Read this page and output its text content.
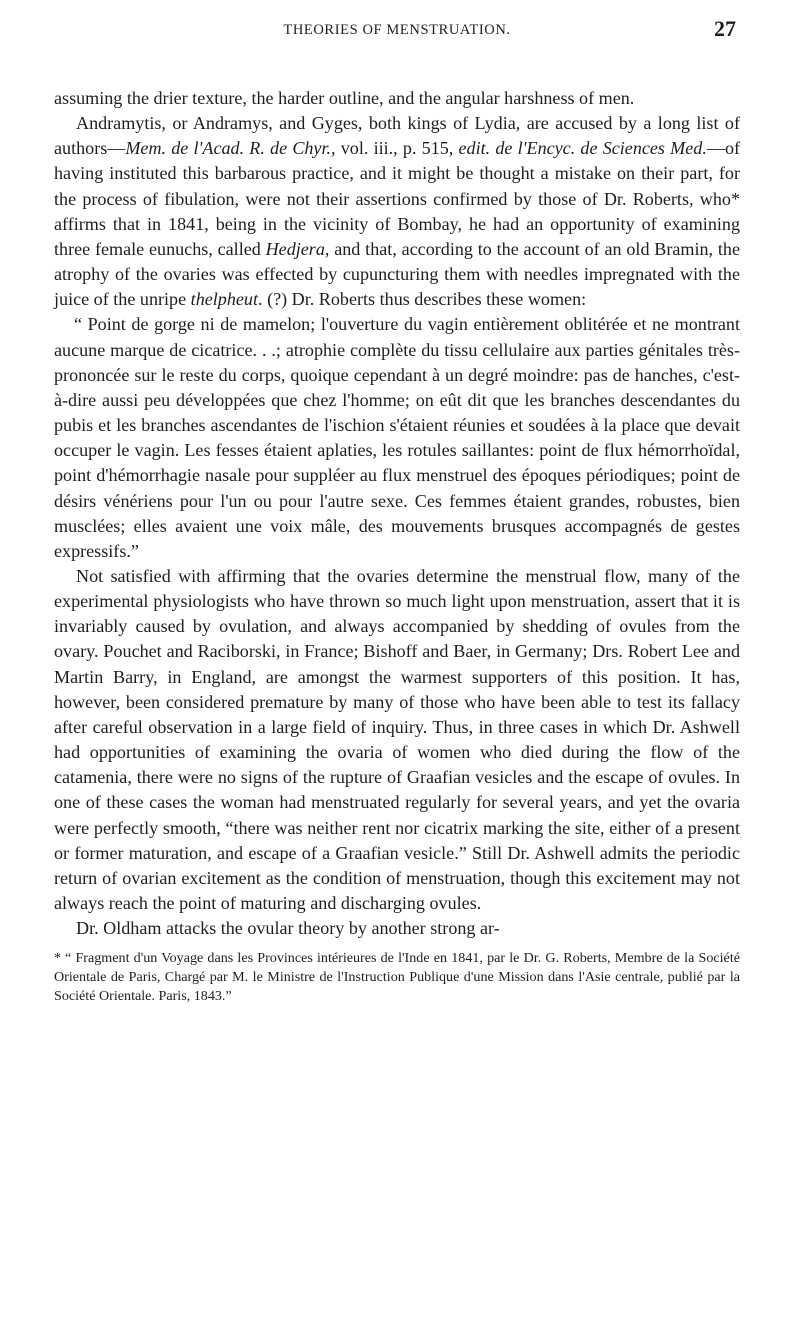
THEORIES OF MENSTRUATION.	27

assuming the drier texture, the harder outline, and the angular harshness of men.

Andramytis, or Andramys, and Gyges, both kings of Lydia, are accused by a long list of authors—Mem. de l'Acad. R. de Chyr., vol. iii., p. 515, edit. de l'Encyc. de Sciences Med.—of having instituted this barbarous practice, and it might be thought a mistake on their part, for the process of fibulation, were not their assertions confirmed by those of Dr. Roberts, who* affirms that in 1841, being in the vicinity of Bombay, he had an opportunity of examining three female eunuchs, called Hedjera, and that, according to the account of an old Bramin, the atrophy of the ovaries was effected by cupuncturing them with needles impregnated with the juice of the unripe thelpheut. (?) Dr. Roberts thus describes these women:

“ Point de gorge ni de mamelon; l'ouverture du vagin entièrement oblitérée et ne montrant aucune marque de cicatrice. . .; atrophie complète du tissu cellulaire aux parties génitales très-prononcée sur le reste du corps, quoique cependant à un degré moindre: pas de hanches, c'est-à-dire aussi peu développées que chez l'homme; on eût dit que les branches descendantes du pubis et les branches ascendantes de l'ischion s'étaient réunies et soudées à la place que devait occuper le vagin. Les fesses étaient aplaties, les rotules saillantes: point de flux hémorrhoïdal, point d'hémorrhagie nasale pour suppléer au flux menstruel des époques périodiques; point de désirs vénériens pour l'un ou pour l'autre sexe. Ces femmes étaient grandes, robustes, bien musclées; elles avaient une voix mâle, des mouvements brusques accompagnés de gestes expressifs.”

Not satisfied with affirming that the ovaries determine the menstrual flow, many of the experimental physiologists who have thrown so much light upon menstruation, assert that it is invariably caused by ovulation, and always accompanied by shedding of ovules from the ovary. Pouchet and Raciborski, in France; Bishoff and Baer, in Germany; Drs. Robert Lee and Martin Barry, in England, are amongst the warmest supporters of this position. It has, however, been considered premature by many of those who have been able to test its fallacy after careful observation in a large field of inquiry. Thus, in three cases in which Dr. Ashwell had opportunities of examining the ovaria of women who died during the flow of the catamenia, there were no signs of the rupture of Graafian vesicles and the escape of ovules. In one of these cases the woman had menstruated regularly for several years, and yet the ovaria were perfectly smooth, “there was neither rent nor cicatrix marking the site, either of a present or former maturation, and escape of a Graafian vesicle.” Still Dr. Ashwell admits the periodic return of ovarian excitement as the condition of menstruation, though this excitement may not always reach the point of maturing and discharging ovules.

Dr. Oldham attacks the ovular theory by another strong ar-

* “ Fragment d'un Voyage dans les Provinces intérieures de l'Inde en 1841, par le Dr. G. Roberts, Membre de la Société Orientale de Paris, Chargé par M. le Ministre de l'Instruction Publique d'une Mission dans l'Asie centrale, publié par la Société Orientale. Paris, 1843.”
